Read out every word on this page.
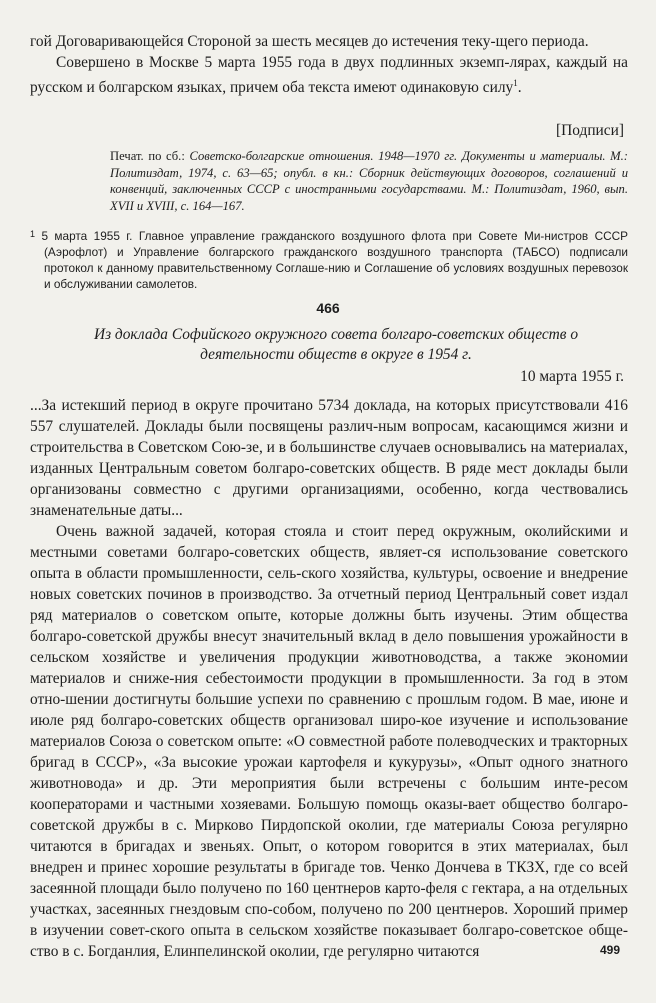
гой Договаривающейся Стороной за шесть месяцев до истечения теку-щего периода.

Совершено в Москве 5 марта 1955 года в двух подлинных экземп-лярах, каждый на русском и болгарском языках, причем оба текста имеют одинаковую силу$^1$.

[Подписи]
Печат. по сб.: Советско-болгарские отношения. 1948—1970 гг. Документы и материалы. М.: Политиздат, 1974, с. 63—65; опубл. в кн.: Сборник действующих договоров, соглашений и конвенций, заключенных СССР с иностранными государствами. М.: Политиздат, 1960, вып. XVII и XVIII, с. 164—167.

$^1$ 5 марта 1955 г. Главное управление гражданского воздушного флота при Совете Ми-нистров СССР (Аэрофлот) и Управление болгарского гражданского воздушного транспорта (ТАБСО) подписали протокол к данному правительственному Соглаше-нию и Соглашение об условиях воздушных перевозок и обслуживании самолетов.

466
Из доклада Софийского окружного совета болгаро-советских обществ о деятельности обществ в округе в 1954 г.
10 марта 1955 г.

...За истекший период в округе прочитано 5734 доклада, на которых присутствовали 416 557 слушателей. Доклады были посвящены различ-ным вопросам, касающимся жизни и строительства в Советском Сою-зе, и в большинстве случаев основывались на материалах, изданных Центральным советом болгаро-советских обществ. В ряде мест доклады были организованы совместно с другими организациями, особенно, когда чествовались знаменательные даты...

Очень важной задачей, которая стояла и стоит перед окружным, околийскими и местными советами болгаро-советских обществ, являет-ся использование советского опыта в области промышленности, сель-ского хозяйства, культуры, освоение и внедрение новых советских починов в производство. За отчетный период Центральный совет издал ряд материалов о советском опыте, которые должны быть изучены. Этим общества болгаро-советской дружбы внесут значительный вклад в дело повышения урожайности в сельском хозяйстве и увеличения продукции животноводства, а также экономии материалов и сниже-ния себестоимости продукции в промышленности. За год в этом отно-шении достигнуты большие успехи по сравнению с прошлым годом. В мае, июне и июле ряд болгаро-советских обществ организовал широ-кое изучение и использование материалов Союза о советском опыте: «О совместной работе полеводческих и тракторных бригад в СССР», «За высокие урожаи картофеля и кукурузы», «Опыт одного знатного животновода» и др. Эти мероприятия были встречены с большим инте-ресом кооператорами и частными хозяевами. Большую помощь оказы-вает общество болгаро-советской дружбы в с. Мирково Пирдопской околии, где материалы Союза регулярно читаются в бригадах и звеньях. Опыт, о котором говорится в этих материалах, был внедрен и принес хорошие результаты в бригаде тов. Ченко Дончева в ТКЗХ, где со всей засеянной площади было получено по 160 центнеров карто-феля с гектара, а на отдельных участках, засеянных гнездовым спо-собом, получено по 200 центнеров. Хороший пример в изучении совет-ского опыта в сельском хозяйстве показывает болгаро-советское обще-ство в с. Богданлия, Елинпелинской околии, где регулярно читаются	499
